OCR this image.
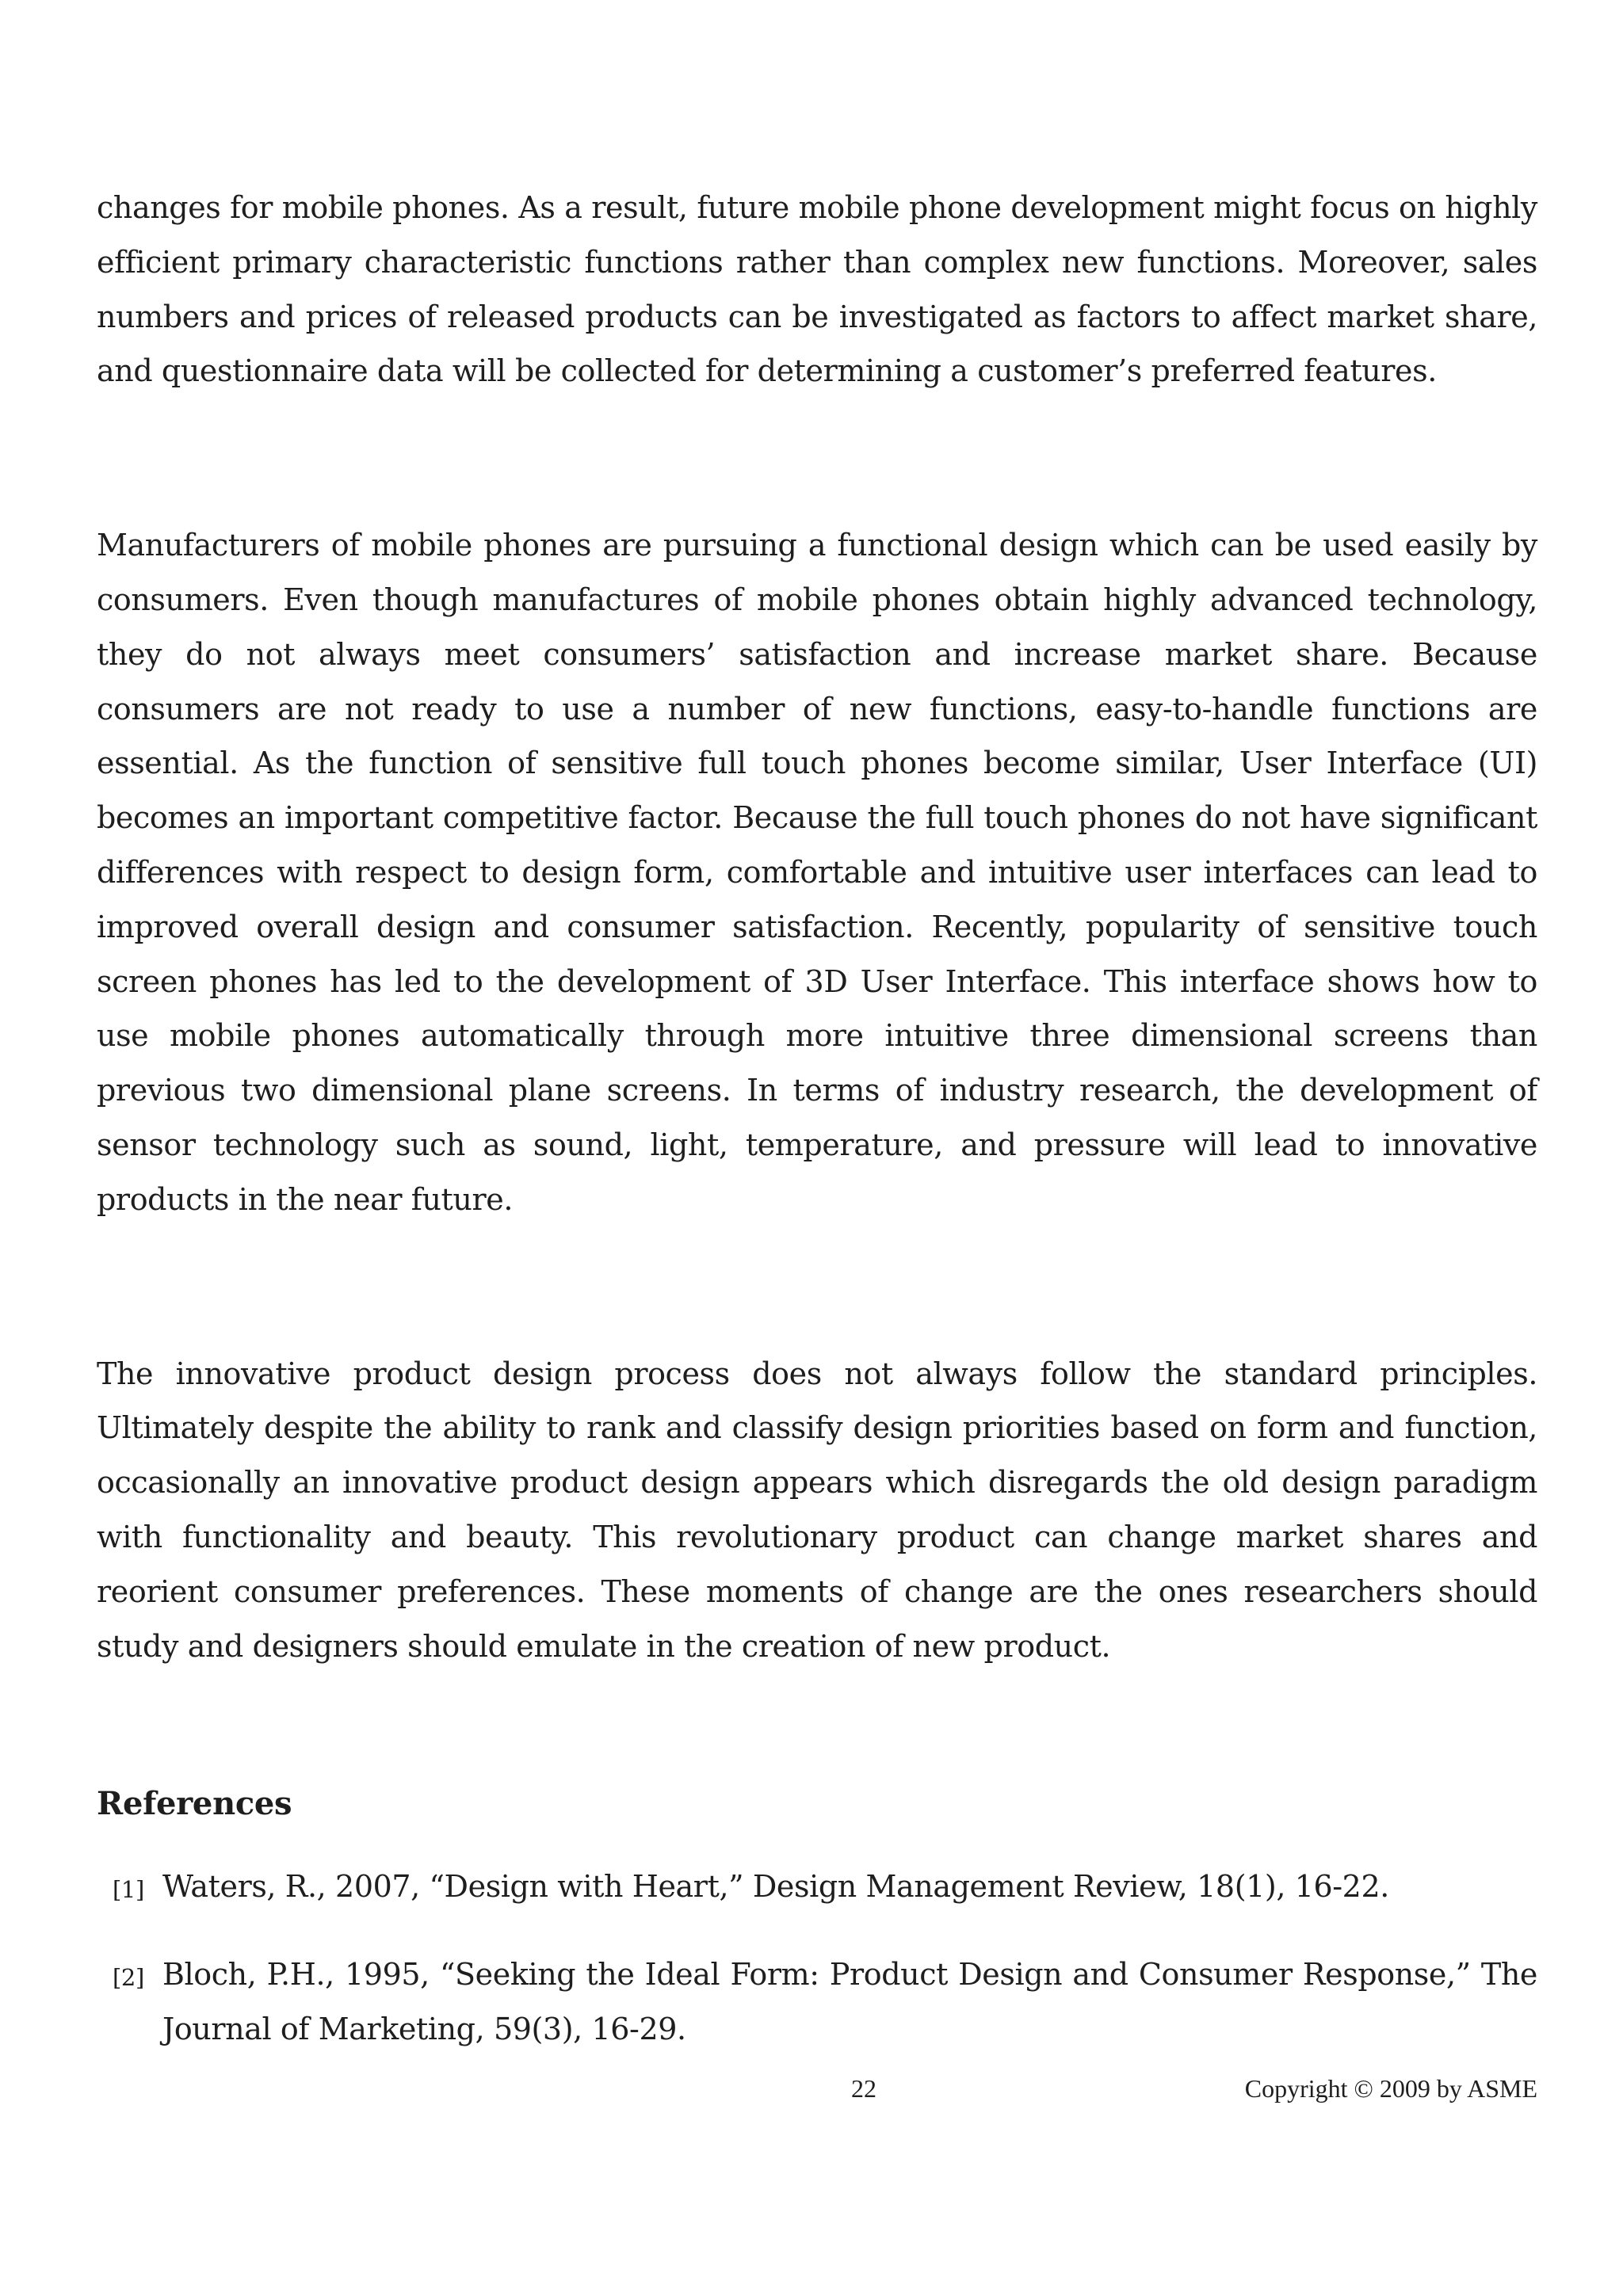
changes for mobile phones. As a result, future mobile phone development might focus on highly efficient primary characteristic functions rather than complex new functions. Moreover, sales numbers and prices of released products can be investigated as factors to affect market share, and questionnaire data will be collected for determining a customer’s preferred features.

Manufacturers of mobile phones are pursuing a functional design which can be used easily by consumers. Even though manufactures of mobile phones obtain highly advanced technology, they do not always meet consumers’ satisfaction and increase market share. Because consumers are not ready to use a number of new functions, easy-to-handle functions are essential. As the function of sensitive full touch phones become similar, User Interface (UI) becomes an important competitive factor. Because the full touch phones do not have significant differences with respect to design form, comfortable and intuitive user interfaces can lead to improved overall design and consumer satisfaction. Recently, popularity of sensitive touch screen phones has led to the development of 3D User Interface. This interface shows how to use mobile phones automatically through more intuitive three dimensional screens than previous two dimensional plane screens. In terms of industry research, the development of sensor technology such as sound, light, temperature, and pressure will lead to innovative products in the near future.

The innovative product design process does not always follow the standard principles. Ultimately despite the ability to rank and classify design priorities based on form and function, occasionally an innovative product design appears which disregards the old design paradigm with functionality and beauty. This revolutionary product can change market shares and reorient consumer preferences. These moments of change are the ones researchers should study and designers should emulate in the creation of new product.

References
[1] Waters, R., 2007, “Design with Heart,” Design Management Review, 18(1), 16-22.
[2] Bloch, P.H., 1995, “Seeking the Ideal Form: Product Design and Consumer Response,” The Journal of Marketing, 59(3), 16-29.
22	Copyright © 2009 by ASME
